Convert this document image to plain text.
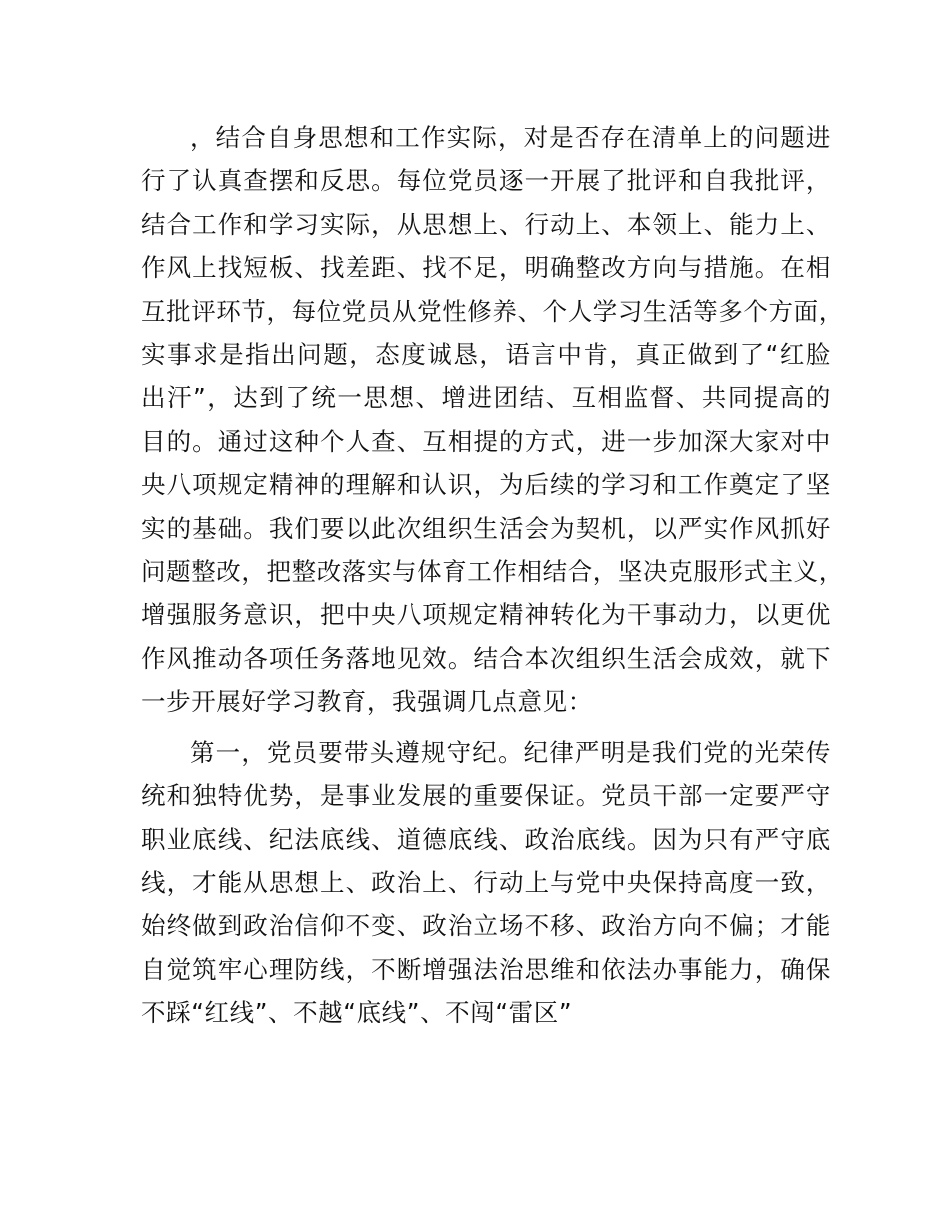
，结合自身思想和工作实际，对是否存在清单上的问题进
行了认真查摆和反思。每位党员逐一开展了批评和自我批评，
结合工作和学习实际，从思想上、行动上、本领上、能力上、
作风上找短板、找差距、找不足，明确整改方向与措施。在相
互批评环节，每位党员从党性修养、个人学习生活等多个方面，
实事求是指出问题，态度诚恳，语言中肯，真正做到了“红脸
出汗”，达到了统一思想、增进团结、互相监督、共同提高的
目的。通过这种个人查、互相提的方式，进一步加深大家对中
央八项规定精神的理解和认识，为后续的学习和工作奠定了坚
实的基础。我们要以此次组织生活会为契机，以严实作风抓好
问题整改，把整改落实与体育工作相结合，坚决克服形式主义，
增强服务意识，把中央八项规定精神转化为干事动力，以更优
作风推动各项任务落地见效。结合本次组织生活会成效，就下
一步开展好学习教育，我强调几点意见：

第一，党员要带头遵规守纪。纪律严明是我们党的光荣传
统和独特优势，是事业发展的重要保证。党员干部一定要严守
职业底线、纪法底线、道德底线、政治底线。因为只有严守底
线，才能从思想上、政治上、行动上与党中央保持高度一致，
始终做到政治信仰不变、政治立场不移、政治方向不偏；才能
自觉筑牢心理防线，不断增强法治思维和依法办事能力，确保
不踩“红线”、不越“底线”、不闯“雷区”
